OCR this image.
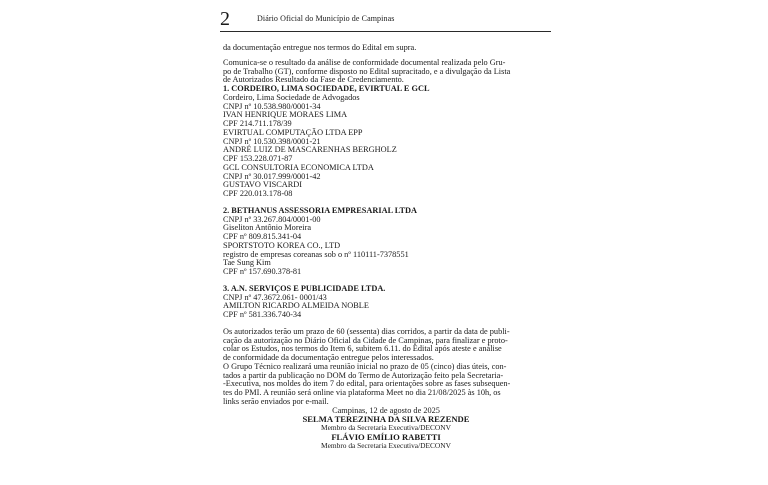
2	Diário Oficial do Município de Campinas

da documentação entregue nos termos do Edital em supra.

Comunica-se o resultado da análise de conformidade documental realizada pelo Gru-

po de Trabalho (GT), conforme disposto no Edital supracitado, e a divulgação da Lista

de Autorizados Resultado da Fase de Credenciamento.

1. CORDEIRO, LIMA SOCIEDADE, EVIRTUAL E GCL

Cordeiro, Lima Sociedade de Advogados

CNPJ nº 10.538.980/0001-34

IVAN HENRIQUE MORAES LIMA

CPF 214.711.178/39

EVIRTUAL COMPUTAÇÃO LTDA EPP

CNPJ nº 10.530.398/0001-21

ANDRÉ LUIZ DE MASCARENHAS BERGHOLZ

CPF 153.228.071-87

GCL CONSULTORIA ECONOMICA LTDA

CNPJ nº 30.017.999/0001-42

GUSTAVO VISCARDI

CPF 220.013.178-08

2. BETHANUS ASSESSORIA EMPRESARIAL LTDA

CNPJ nº 33.267.804/0001-00

Giseliton Antônio Moreira

CPF nº 809.815.341-04

SPORTSTOTO KOREA CO., LTD

registro de empresas coreanas sob o nº 110111-7378551

Tae Sung Kim

CPF nº 157.690.378-81

3. A.N. SERVIÇOS E PUBLICIDADE LTDA.

CNPJ nº 47.3672.061- 0001/43

AMILTON RICARDO ALMEIDA NOBLE

CPF nº 581.336.740-34

Os autorizados terão um prazo de 60 (sessenta) dias corridos, a partir da data de publi-

cação da autorização no Diário Oficial da Cidade de Campinas, para finalizar e proto-

colar os Estudos, nos termos do Item 6, subitem 6.11. do Edital após ateste e análise

de conformidade da documentação entregue pelos interessados.

O Grupo Técnico realizará uma reunião inicial no prazo de 05 (cinco) dias úteis, con-

tados a partir da publicação no DOM do Termo de Autorização feito pela Secretaria-

-Executiva, nos moldes do item 7 do edital, para orientações sobre as fases subsequen-

tes do PMI. A reunião será online via plataforma Meet no dia 21/08/2025 às 10h, os

links serão enviados por e-mail.

Campinas, 12 de agosto de 2025

SELMA TEREZINHA DA SILVA REZENDE

Membro da Secretaria Executiva/DECONV

FLÁVIO EMÍLIO RABETTI

Membro da Secretaria Executiva/DECONV
